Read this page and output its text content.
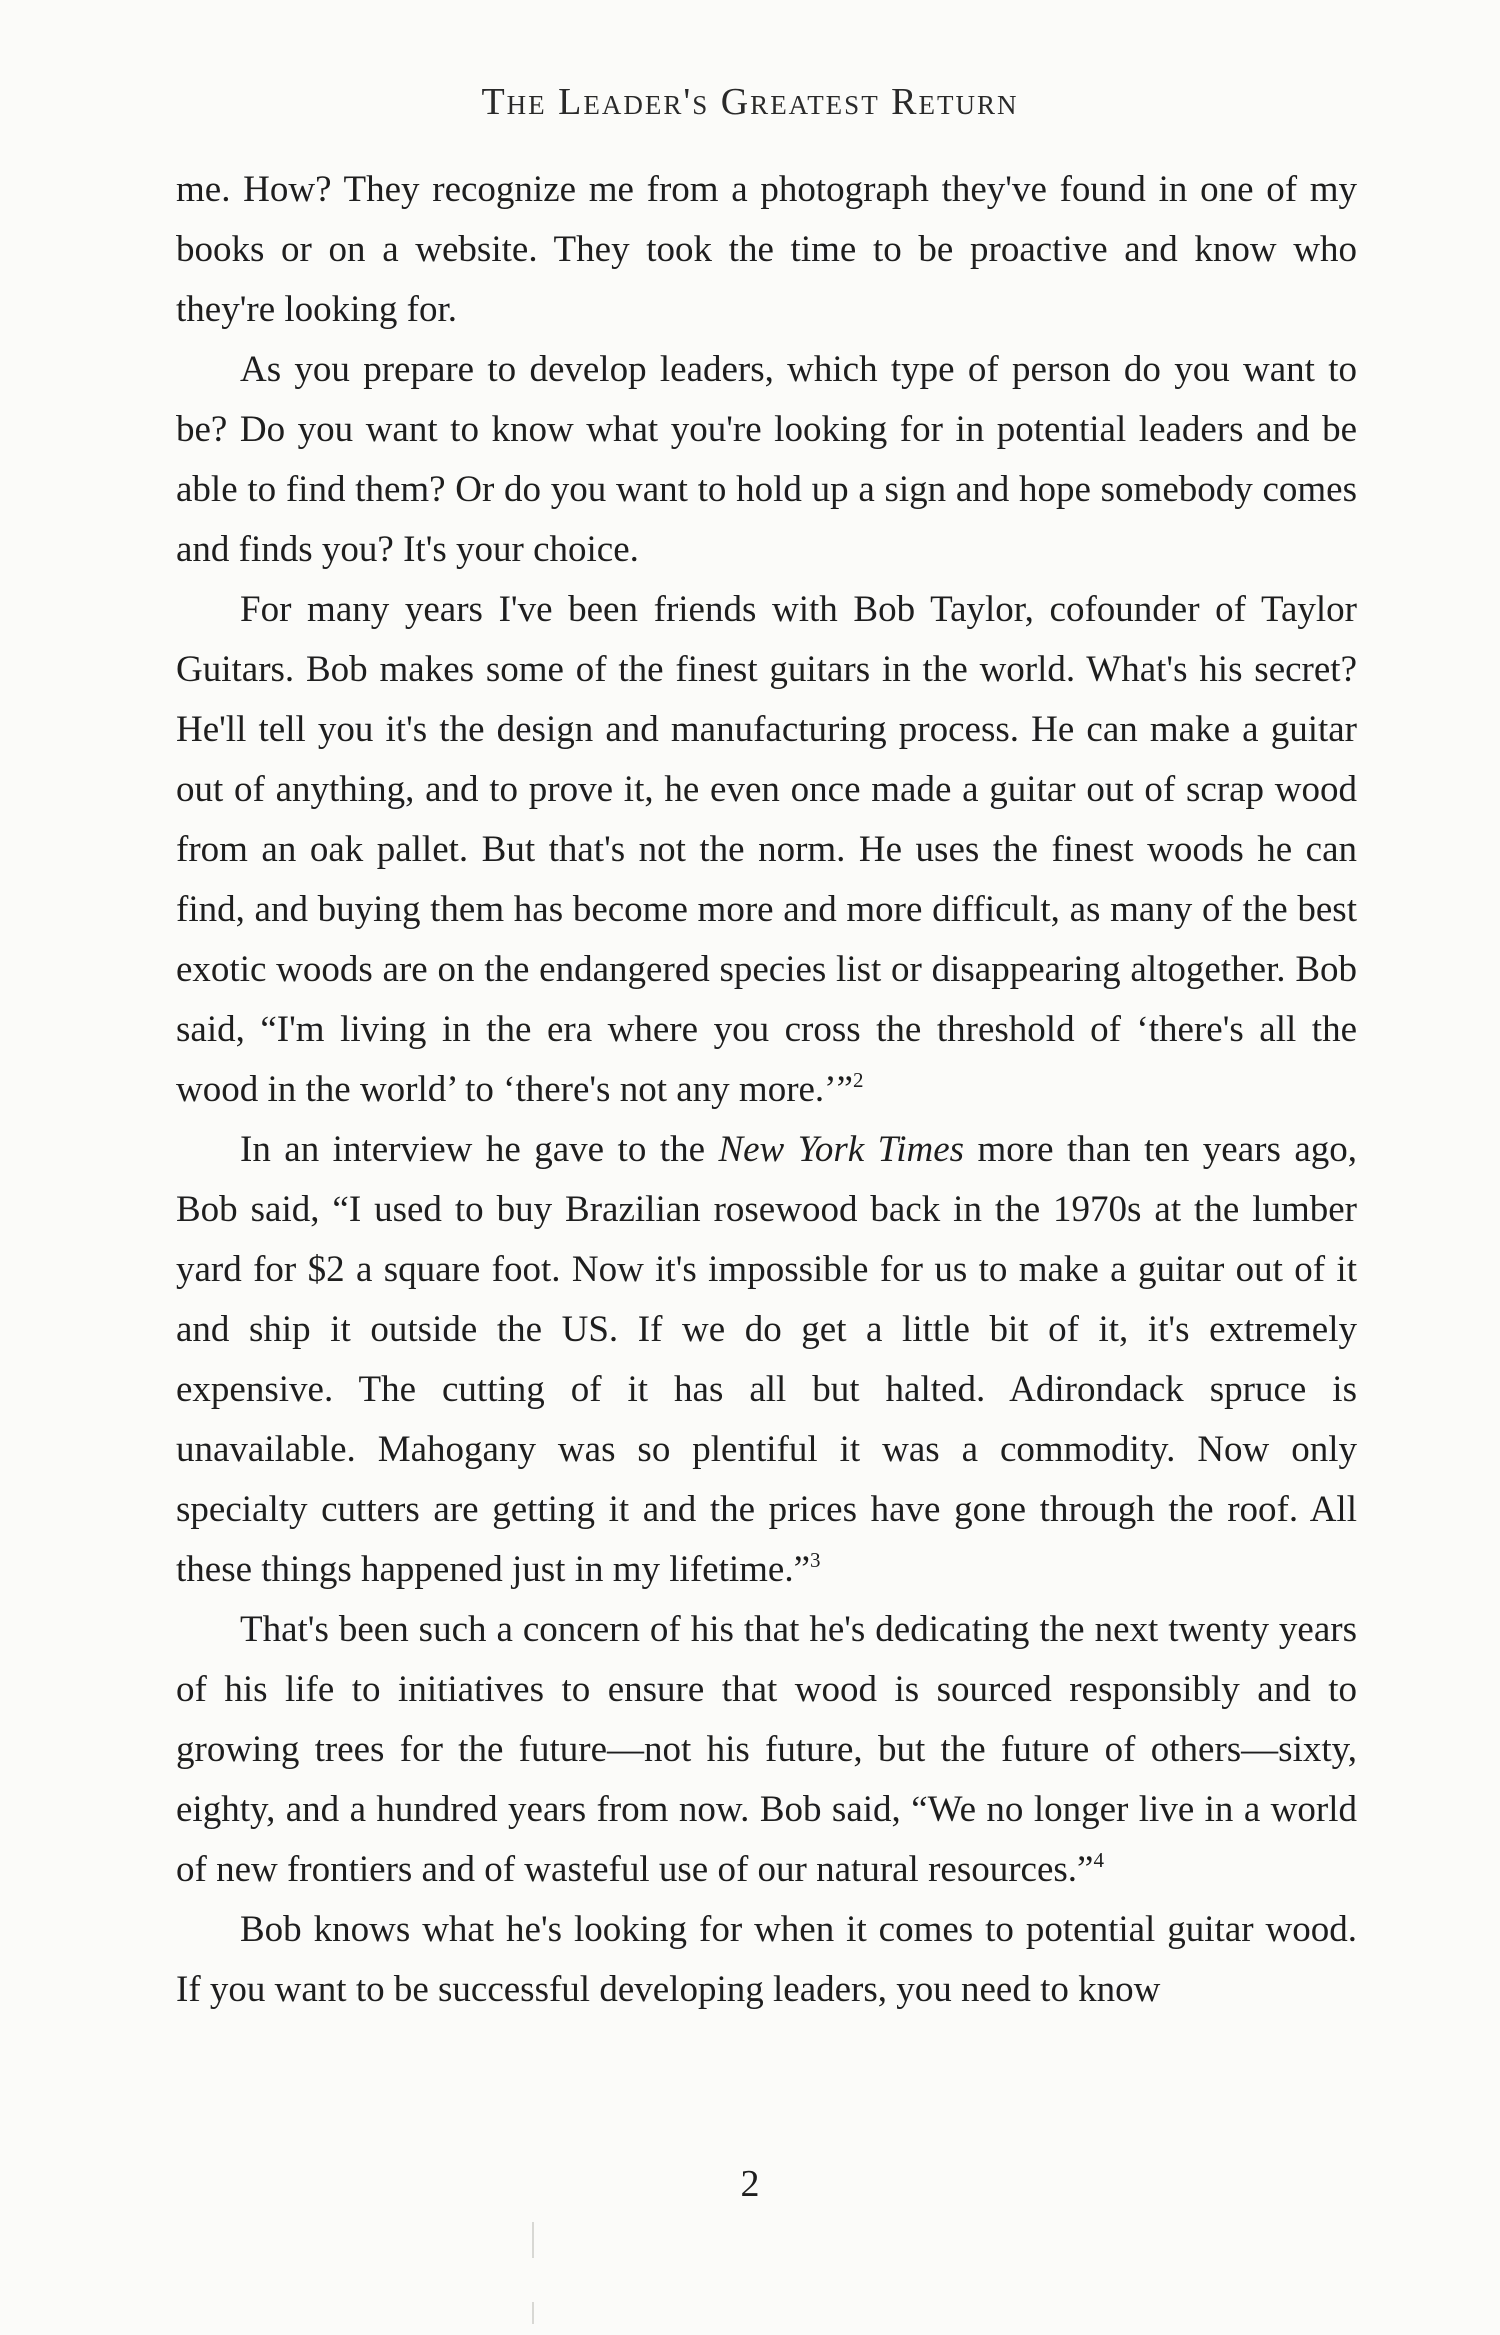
The Leader's Greatest Return

me. How? They recognize me from a photograph they've found in one of my books or on a website. They took the time to be proactive and know who they're looking for.

As you prepare to develop leaders, which type of person do you want to be? Do you want to know what you're looking for in potential leaders and be able to find them? Or do you want to hold up a sign and hope somebody comes and finds you? It's your choice.

For many years I've been friends with Bob Taylor, cofounder of Taylor Guitars. Bob makes some of the finest guitars in the world. What's his secret? He'll tell you it's the design and manufacturing process. He can make a guitar out of anything, and to prove it, he even once made a guitar out of scrap wood from an oak pallet. But that's not the norm. He uses the finest woods he can find, and buying them has become more and more difficult, as many of the best exotic woods are on the endangered species list or disappearing altogether. Bob said, “I'm living in the era where you cross the threshold of ‘there's all the wood in the world’ to ‘there's not any more.’”$^2$

In an interview he gave to the New York Times more than ten years ago, Bob said, “I used to buy Brazilian rosewood back in the 1970s at the lumber yard for $2 a square foot. Now it's impossible for us to make a guitar out of it and ship it outside the US. If we do get a little bit of it, it's extremely expensive. The cutting of it has all but halted. Adirondack spruce is unavailable. Mahogany was so plentiful it was a commodity. Now only specialty cutters are getting it and the prices have gone through the roof. All these things happened just in my lifetime.”$^3$

That's been such a concern of his that he's dedicating the next twenty years of his life to initiatives to ensure that wood is sourced responsibly and to growing trees for the future—not his future, but the future of others—sixty, eighty, and a hundred years from now. Bob said, “We no longer live in a world of new frontiers and of wasteful use of our natural resources.”$^4$

Bob knows what he's looking for when it comes to potential guitar wood. If you want to be successful developing leaders, you need to know

2
